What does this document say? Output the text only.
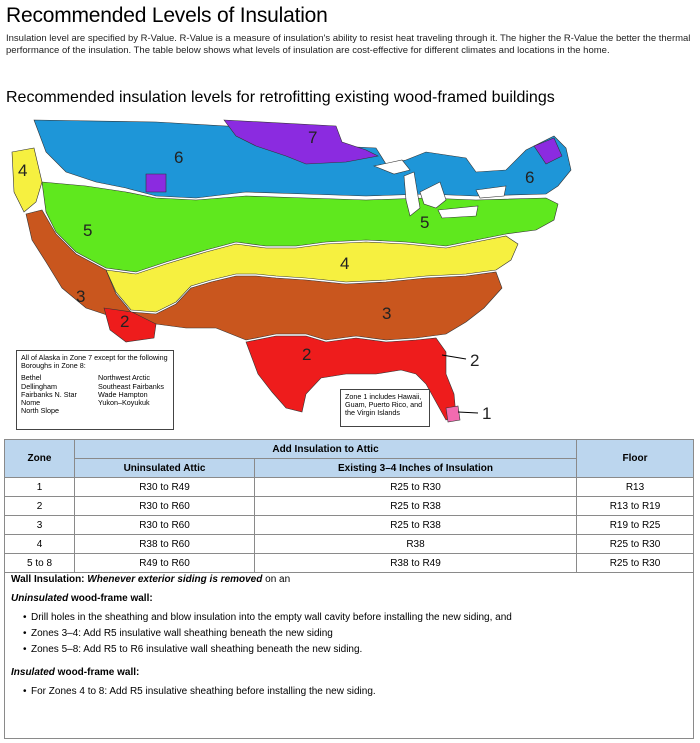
Recommended Levels of Insulation

Insulation level are specified by R-Value. R-Value is a measure of insulation's ability to resist heat traveling through it. The higher the R-Value the better the thermal performance of the insulation. The table below shows what levels of insulation are cost-effective for different climates and locations in the home.

Recommended insulation levels for retrofitting existing wood-framed buildings
7
6
6
4
5	5
4
3
3
2
2	2
1
All of Alaska in Zone 7 except for the following Boroughs in Zone 8:
Bethel
Dellingham
Fairbanks N. Star
Nome
North Slope
Northwest Arctic
Southeast Fairbanks
Wade Hampton
Yukon–Koyukuk
Zone 1 includes Hawaii, Guam, Puerto Rico, and the Virgin Islands
Zone	Add Insulation to Attic		Floor
	Uninsulated Attic	Existing 3–4 Inches of Insulation	
1	R30 to R49	R25 to R30	R13
2	R30 to R60	R25 to R38	R13 to R19
3	R30 to R60	R25 to R38	R19 to R25
4	R38 to R60	R38	R25 to R30
5 to 8	R49 to R60	R38 to R49	R25 to R30

Wall Insulation: Whenever exterior siding is removed on an

Uninsulated wood-frame wall:

• Drill holes in the sheathing and blow insulation into the empty wall cavity before installing the new siding, and
• Zones 3–4: Add R5 insulative wall sheathing beneath the new siding
• Zones 5–8: Add R5 to R6 insulative wall sheathing beneath the new siding.

Insulated wood-frame wall:

• For Zones 4 to 8: Add R5 insulative sheathing before installing the new siding.
